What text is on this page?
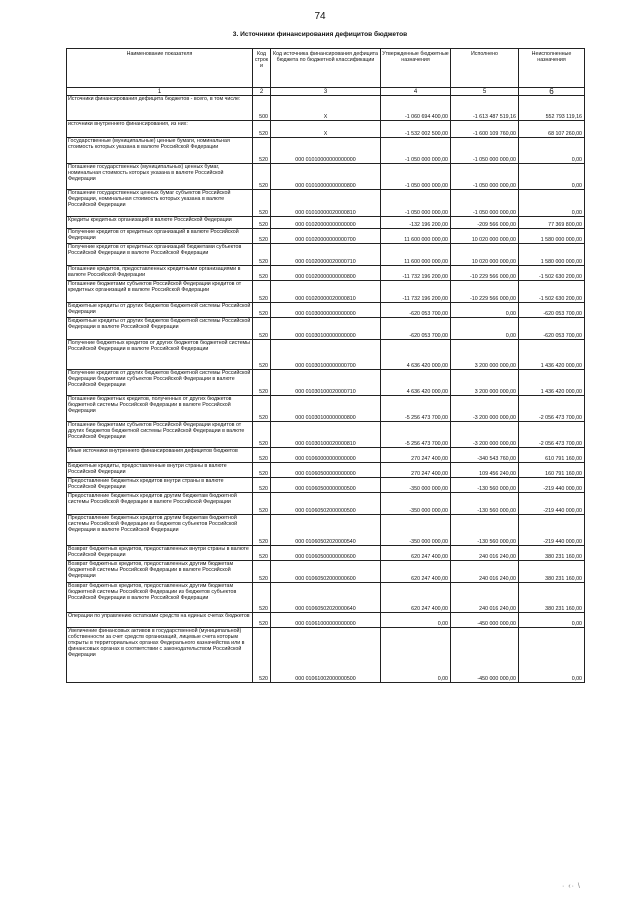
74
3. Источники финансирования дефицитов бюджетов
Наименование показателя	Код строк и	Код источника финансирования дефицита бюджета по бюджетной классификации	Утвержденные бюджетные назначения	Исполнено	Неисполненные назначения
1	2	3	4	5	6
Источники финансирования дефицита бюджетов - всего, в том числе:	500	X	-1 060 694 400,00	-1 613 487 519,16	552 793 119,16
источники внутреннего финансирования, из них:	520	X	-1 532 002 500,00	-1 600 109 760,00	68 107 260,00
Государственные (муниципальные) ценные бумаги, номинальная стоимость которых указана в валюте Российской Федерации	520	000 01010000000000000	-1 050 000 000,00	-1 050 000 000,00	0,00
Погашение государственных (муниципальных) ценных бумаг, номинальная стоимость которых указана в валюте Российской Федерации	520	000 01010000000000800	-1 050 000 000,00	-1 050 000 000,00	0,00
Погашение государственных ценных бумаг субъектов Российской Федерации, номинальная стоимость которых указана в валюте Российской Федерации	520	000 01010000020000810	-1 050 000 000,00	-1 050 000 000,00	0,00
Кредиты кредитных организаций в валюте Российской Федерации	520	000 01020000000000000	-132 196 200,00	-209 566 000,00	77 369 800,00
Получение кредитов от кредитных организаций в валюте Российской Федерации	520	000 01020000000000700	11 600 000 000,00	10 020 000 000,00	1 580 000 000,00
Получение кредитов от кредитных организаций бюджетами субъектов Российской Федерации в валюте Российской Федерации	520	000 01020000020000710	11 600 000 000,00	10 020 000 000,00	1 580 000 000,00
Погашение кредитов, предоставленных кредитными организациями в валюте Российской Федерации	520	000 01020000000000800	-11 732 196 200,00	-10 229 566 000,00	-1 502 630 200,00
Погашение бюджетами субъектов Российской Федерации кредитов от кредитных организаций в валюте Российской Федерации	520	000 01020000020000810	-11 732 196 200,00	-10 229 566 000,00	-1 502 630 200,00
Бюджетные кредиты от других бюджетов бюджетной системы Российской Федерации	520	000 01030000000000000	-620 053 700,00	0,00	-620 053 700,00
Бюджетные кредиты от других бюджетов бюджетной системы Российской Федерации в валюте Российской Федерации	520	000 01030100000000000	-620 053 700,00	0,00	-620 053 700,00
Получение бюджетных кредитов от других бюджетов бюджетной системы Российской Федерации в валюте Российской Федерации	520	000 01030100000000700	4 636 420 000,00	3 200 000 000,00	1 436 420 000,00
Получение кредитов от других бюджетов бюджетной системы Российской Федерации бюджетами субъектов Российской Федерации в валюте Российской Федерации	520	000 01030100020000710	4 636 420 000,00	3 200 000 000,00	1 436 420 000,00
Погашение бюджетных кредитов, полученных от других бюджетов бюджетной системы Российской Федерации в валюте Российской Федерации	520	000 01030100000000800	-5 256 473 700,00	-3 200 000 000,00	-2 056 473 700,00
Погашение бюджетами субъектов Российской Федерации кредитов от других бюджетов бюджетной системы Российской Федерации в валюте Российской Федерации	520	000 01030100020000810	-5 256 473 700,00	-3 200 000 000,00	-2 056 473 700,00
Иные источники внутреннего финансирования дефицитов бюджетов	520	000 01060000000000000	270 247 400,00	-340 543 760,00	610 791 160,00
Бюджетные кредиты, предоставленные внутри страны в валюте Российской Федерации	520	000 01060500000000000	270 247 400,00	109 456 240,00	160 791 160,00
Предоставление бюджетных кредитов внутри страны в валюте Российской Федерации	520	000 01060500000000500	-350 000 000,00	-130 560 000,00	-219 440 000,00
Предоставление бюджетных кредитов другим бюджетам бюджетной системы Российской Федерации в валюте Российской Федерации	520	000 01060502000000500	-350 000 000,00	-130 560 000,00	-219 440 000,00
Предоставление бюджетных кредитов другим бюджетам бюджетной системы Российской Федерации из бюджетов субъектов Российской Федерации в валюте Российской Федерации	520	000 01060502020000540	-350 000 000,00	-130 560 000,00	-219 440 000,00
Возврат бюджетных кредитов, предоставленных внутри страны в валюте Российской Федерации	520	000 01060500000000600	620 247 400,00	240 016 240,00	380 231 160,00
Возврат бюджетных кредитов, предоставленных другим бюджетам бюджетной системы Российской Федерации в валюте Российской Федерации	520	000 01060502000000600	620 247 400,00	240 016 240,00	380 231 160,00
Возврат бюджетных кредитов, предоставленных другим бюджетам бюджетной системы Российской Федерации из бюджетов субъектов Российской Федерации в валюте Российской Федерации	520	000 01060502020000640	620 247 400,00	240 016 240,00	380 231 160,00
Операции по управлению остатками средств на единых счетах бюджетов	520	000 01061000000000000	0,00	-450 000 000,00	0,00
Увеличение финансовых активов в государственной (муниципальной) собственности за счет средств организаций, лицевые счета которым открыты в территориальных органах Федерального казначейства или в финансовых органах в соответствии с законодательством Российской Федерации	520	000 01061002000000500	0,00	-450 000 000,00	0,00
· ‹· \
